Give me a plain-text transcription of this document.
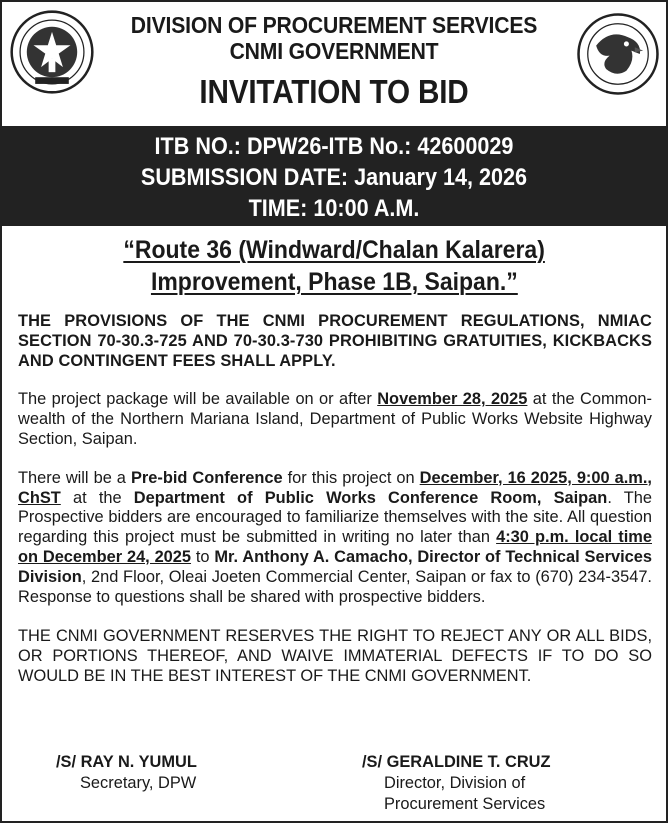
DIVISION OF PROCUREMENT SERVICES
CNMI GOVERNMENT
INVITATION TO BID
ITB NO.: DPW26-ITB No.: 42600029
SUBMISSION DATE: January 14, 2026
TIME: 10:00 A.M.
“Route 36 (Windward/Chalan Kalarera)
Improvement, Phase 1B, Saipan.”
THE PROVISIONS OF THE CNMI PROCUREMENT REGULATIONS, NMIAC SECTION 70-30.3-725 AND 70-30.3-730 PROHIBITING GRATUITIES, KICKBACKS AND CONTINGENT FEES SHALL APPLY.
The project package will be available on or after November 28, 2025 at the Common-wealth of the Northern Mariana Island, Department of Public Works Website Highway Section, Saipan.
There will be a Pre-bid Conference for this project on December, 16 2025, 9:00 a.m., ChST at the Department of Public Works Conference Room, Saipan. The Prospective bidders are encouraged to familiarize themselves with the site. All question regarding this project must be submitted in writing no later than 4:30 p.m. local time on December 24, 2025 to Mr. Anthony A. Camacho, Director of Technical Services Division, 2nd Floor, Oleai Joeten Commercial Center, Saipan or fax to (670) 234-3547. Response to questions shall be shared with prospective bidders.
THE CNMI GOVERNMENT RESERVES THE RIGHT TO REJECT ANY OR ALL BIDS, OR PORTIONS THEREOF, AND WAIVE IMMATERIAL DEFECTS IF TO DO SO WOULD BE IN THE BEST INTEREST OF THE CNMI GOVERNMENT.
/S/ RAY N. YUMUL
Secretary, DPW
/S/ GERALDINE T. CRUZ
Director, Division of
Procurement Services
